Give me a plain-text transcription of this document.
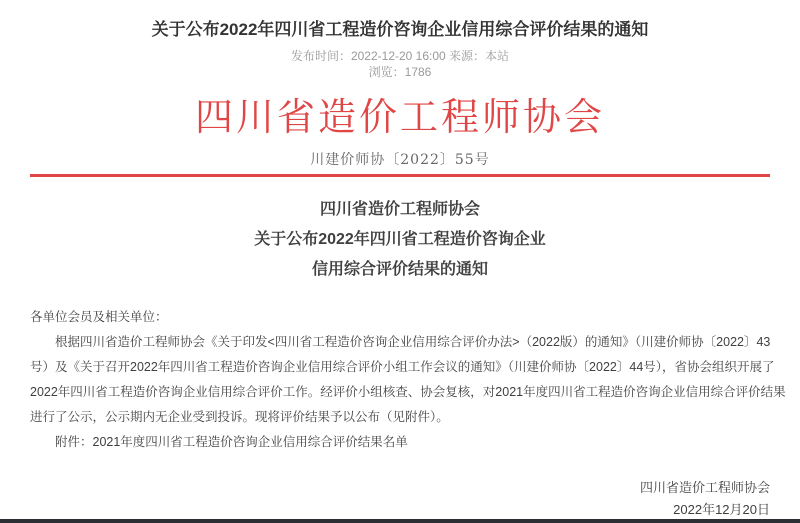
关于公布2022年四川省工程造价咨询企业信用综合评价结果的通知
发布时间：2022-12-20 16:00 来源：本站
浏览：1786
四川省造价工程师协会
川建价师协〔2022〕55号
四川省造价工程师协会
关于公布2022年四川省工程造价咨询企业
信用综合评价结果的通知
各单位会员及相关单位：
根据四川省造价工程师协会《关于印发<四川省工程造价咨询企业信用综合评价办法>（2022版）的通知》（川建价师协〔2022〕43
号）及《关于召开2022年四川省工程造价咨询企业信用综合评价小组工作会议的通知》（川建价师协〔2022〕44号），省协会组织开展了
2022年四川省工程造价咨询企业信用综合评价工作。经评价小组核查、协会复核，对2021年度四川省工程造价咨询企业信用综合评价结果
进行了公示，公示期内无企业受到投诉。现将评价结果予以公布（见附件）。
附件：2021年度四川省工程造价咨询企业信用综合评价结果名单
四川省造价工程师协会
2022年12月20日
